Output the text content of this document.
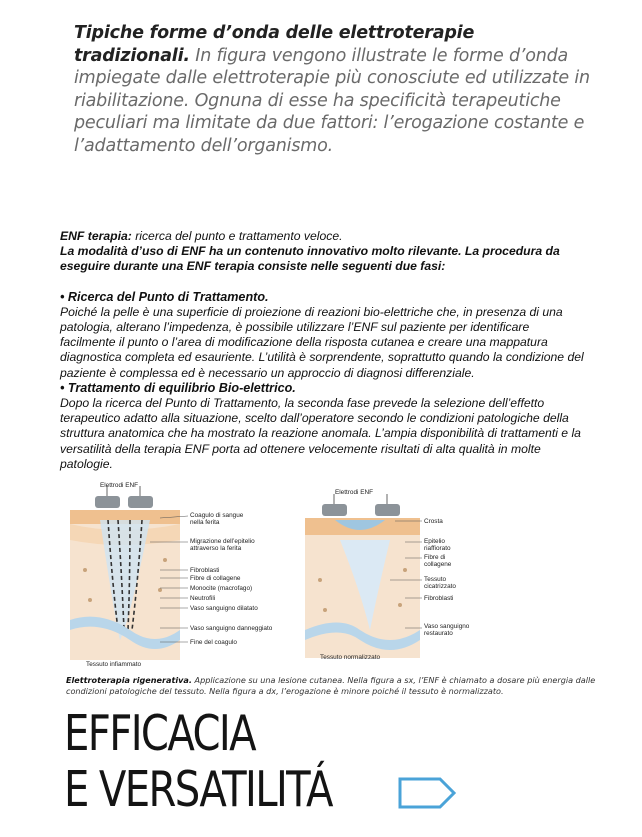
Tipiche forme d’onda delle elettroterapie tradizionali. In figura vengono illustrate le forme d’onda impiegate dalle elettroterapie più conosciute ed utilizzate in riabilitazione. Ognuna di esse ha specificità terapeutiche peculiari ma limitate da due fattori: l’erogazione costante e l’adattamento dell’organismo.

ENF terapia: ricerca del punto e trattamento veloce.

La modalità d’uso di ENF ha un contenuto innovativo molto rilevante. La procedura da eseguire durante una ENF terapia consiste nelle seguenti due fasi:

• Ricerca del Punto di Trattamento.

Poiché la pelle è una superficie di proiezione di reazioni bio-elettriche che, in presenza di una patologia, alterano l’impedenza, è possibile utilizzare l’ENF sul paziente per identificare facilmente il punto o l’area di modificazione della risposta cutanea e creare una mappatura diagnostica completa ed esauriente. L’utilità è sorprendente, soprattutto quando la condizione del paziente è complessa ed è necessario un approccio di diagnosi differenziale.

• Trattamento di equilibrio Bio-elettrico.

Dopo la ricerca del Punto di Trattamento, la seconda fase prevede la selezione dell’effetto terapeutico adatto alla situazione, scelto dall’operatore secondo le condizioni patologiche della struttura anatomica che ha mostrato la reazione anomala. L’ampia disponibilità di trattamenti e la versatilità della terapia ENF porta ad ottenere velocemente risultati di alta qualità in molte patologie.

Elettrodi ENF
Coagulo di sangue nella ferita
Migrazione dell’epitelio attraverso la ferita
Fibroblasti
Fibre di collagene
Monocite (macrofago)
Neutrofili
Vaso sanguigno dilatato
Vaso sanguigno danneggiato
Fine del coagulo
Tessuto infiammato
Elettrodi ENF
Crosta
Epitelio riaffiorato
Fibre di collagene
Tessuto cicatrizzato
Fibroblasti
Vaso sanguigno restaurato
Tessuto normalizzato
Elettroterapia rigenerativa. Applicazione su una lesione cutanea. Nella figura a sx, l’ENF è chiamato a dosare più energia dalle condizioni patologiche del tessuto. Nella figura a dx, l’erogazione è minore poiché il tessuto è normalizzato.
EFFICACIA
E VERSATILITÁ
